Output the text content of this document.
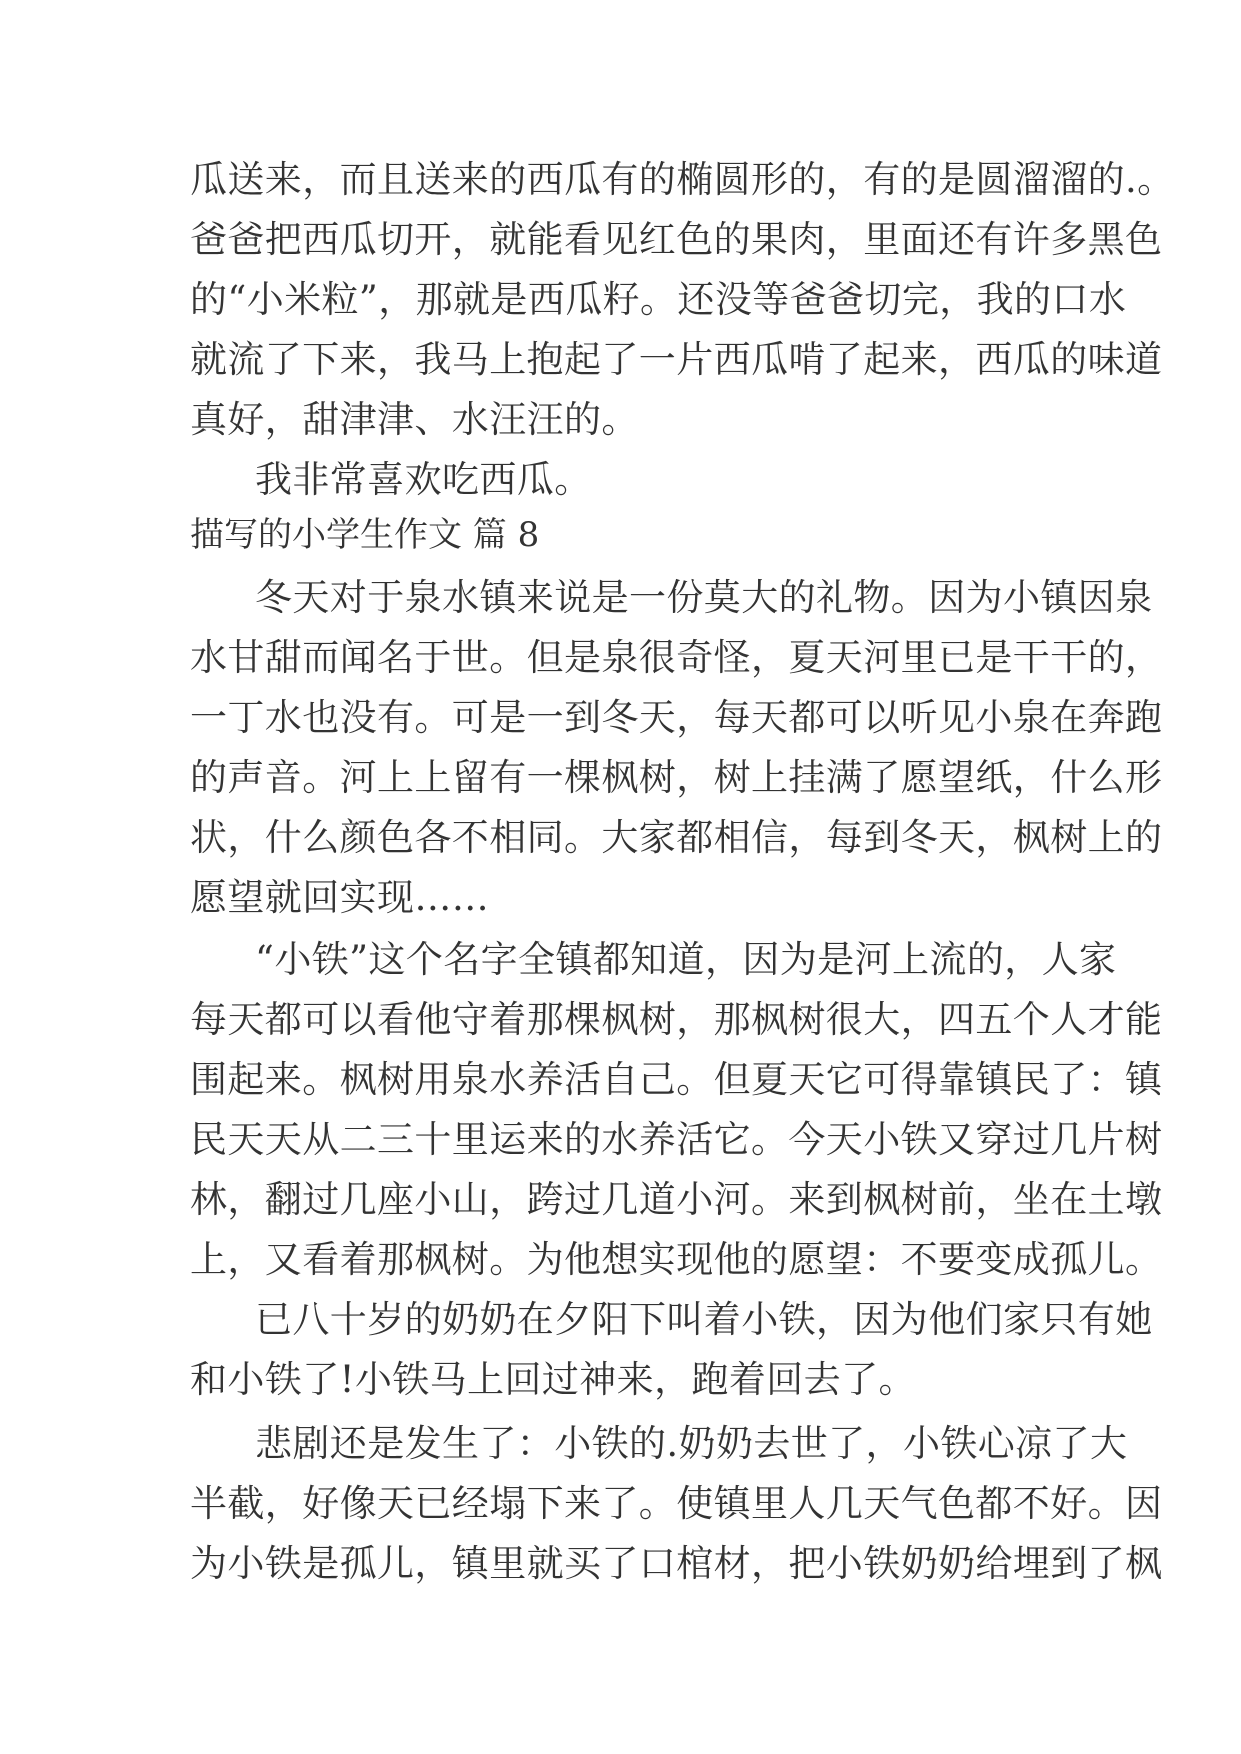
瓜送来，而且送来的西瓜有的椭圆形的，有的是圆溜溜的.。

爸爸把西瓜切开，就能看见红色的果肉，里面还有许多黑色

的“小米粒”，那就是西瓜籽。还没等爸爸切完，我的口水

就流了下来，我马上抱起了一片西瓜啃了起来，西瓜的味道

真好，甜津津、水汪汪的。

我非常喜欢吃西瓜。

描写的小学生作文 篇 8

冬天对于泉水镇来说是一份莫大的礼物。因为小镇因泉

水甘甜而闻名于世。但是泉很奇怪，夏天河里已是干干的，

一丁水也没有。可是一到冬天，每天都可以听见小泉在奔跑

的声音。河上上留有一棵枫树，树上挂满了愿望纸，什么形

状，什么颜色各不相同。大家都相信，每到冬天，枫树上的

愿望就回实现……

“小铁”这个名字全镇都知道，因为是河上流的，人家

每天都可以看他守着那棵枫树，那枫树很大，四五个人才能

围起来。枫树用泉水养活自己。但夏天它可得靠镇民了：镇

民天天从二三十里运来的水养活它。今天小铁又穿过几片树

林，翻过几座小山，跨过几道小河。来到枫树前，坐在土墩

上，又看着那枫树。为他想实现他的愿望：不要变成孤儿。

已八十岁的奶奶在夕阳下叫着小铁，因为他们家只有她

和小铁了!小铁马上回过神来，跑着回去了。

悲剧还是发生了：小铁的.奶奶去世了，小铁心凉了大

半截，好像天已经塌下来了。使镇里人几天气色都不好。因

为小铁是孤儿，镇里就买了口棺材，把小铁奶奶给埋到了枫
